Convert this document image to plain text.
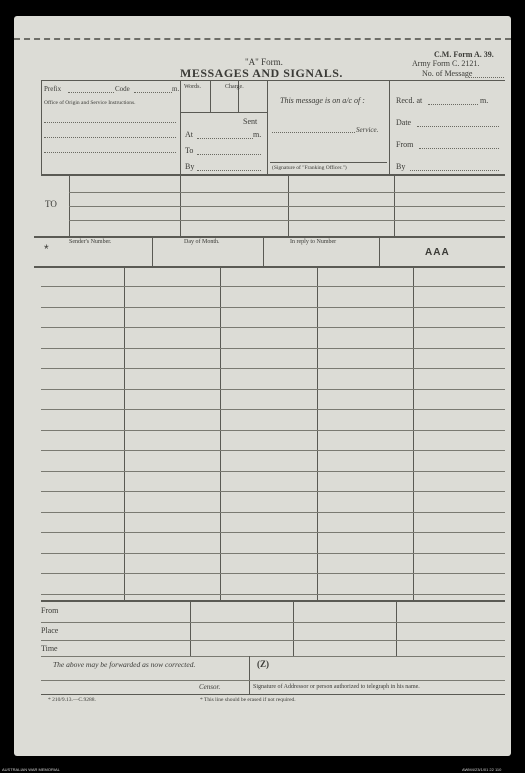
C.M. Form A. 39.
Army Form C. 2121.
No. of Message
"A" Form.
MESSAGES AND SIGNALS.
Prefix	Code	m.
Office of Origin and Service Instructions.
Words.	Charge.
Sent
At	m.
To
By
This message is on a/c of :
Service.
(Signature of "Franking Officer.")
Recd. at	m.
Date
From
By
TO
*	Sender's Number.	Day of Month.	In reply to Number
AAA
From
Place
Time
The above may be forwarded as now corrected.	(Z)
Censor.	Signature of Addressor or person authorized to telegraph in his name.
* 210/9.13.—C.9288.	* This line should be erased if not required.
AUSTRALIAN WAR MEMORIAL	AWM4/23/1/01 22 110
